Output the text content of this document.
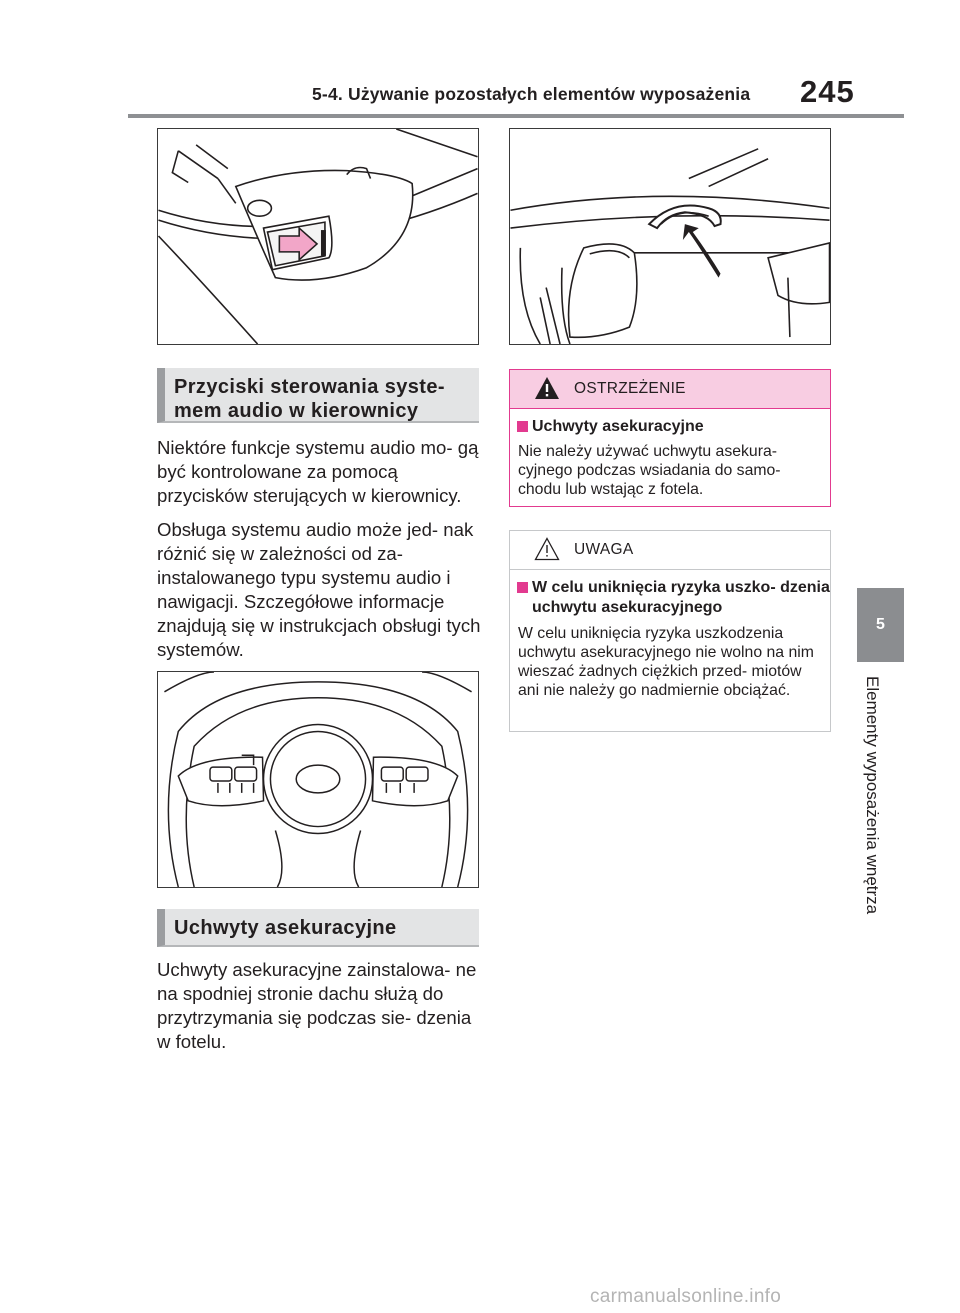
5-4. Używanie pozostałych elementów wyposażenia 245
5
Elementy wyposażenia wnętrza
Przyciski sterowania syste-
mem audio w kierownicy

Niektóre funkcje systemu audio mo- gą być kontrolowane za pomocą przycisków sterujących w kierownicy.

Obsługa systemu audio może jed- nak różnić się w zależności od za- instalowanego typu systemu audio i nawigacji. Szczegółowe informacje znajdują się w instrukcjach obsługi tych systemów.

Uchwyty asekuracyjne

Uchwyty asekuracyjne zainstalowa- ne na spodniej stronie dachu służą do przytrzymania się podczas sie- dzenia w fotelu.

OSTRZEŻENIE
Uchwyty asekuracyjne
Nie należy używać uchwytu asekura- cyjnego podczas wsiadania do samo- chodu lub wstając z fotela.
UWAGA
W celu uniknięcia ryzyka uszko- dzenia uchwytu asekuracyjnego
W celu uniknięcia ryzyka uszkodzenia uchwytu asekuracyjnego nie wolno na nim wieszać żadnych ciężkich przed- miotów ani nie należy go nadmiernie obciążać.
carmanualsonline.info
